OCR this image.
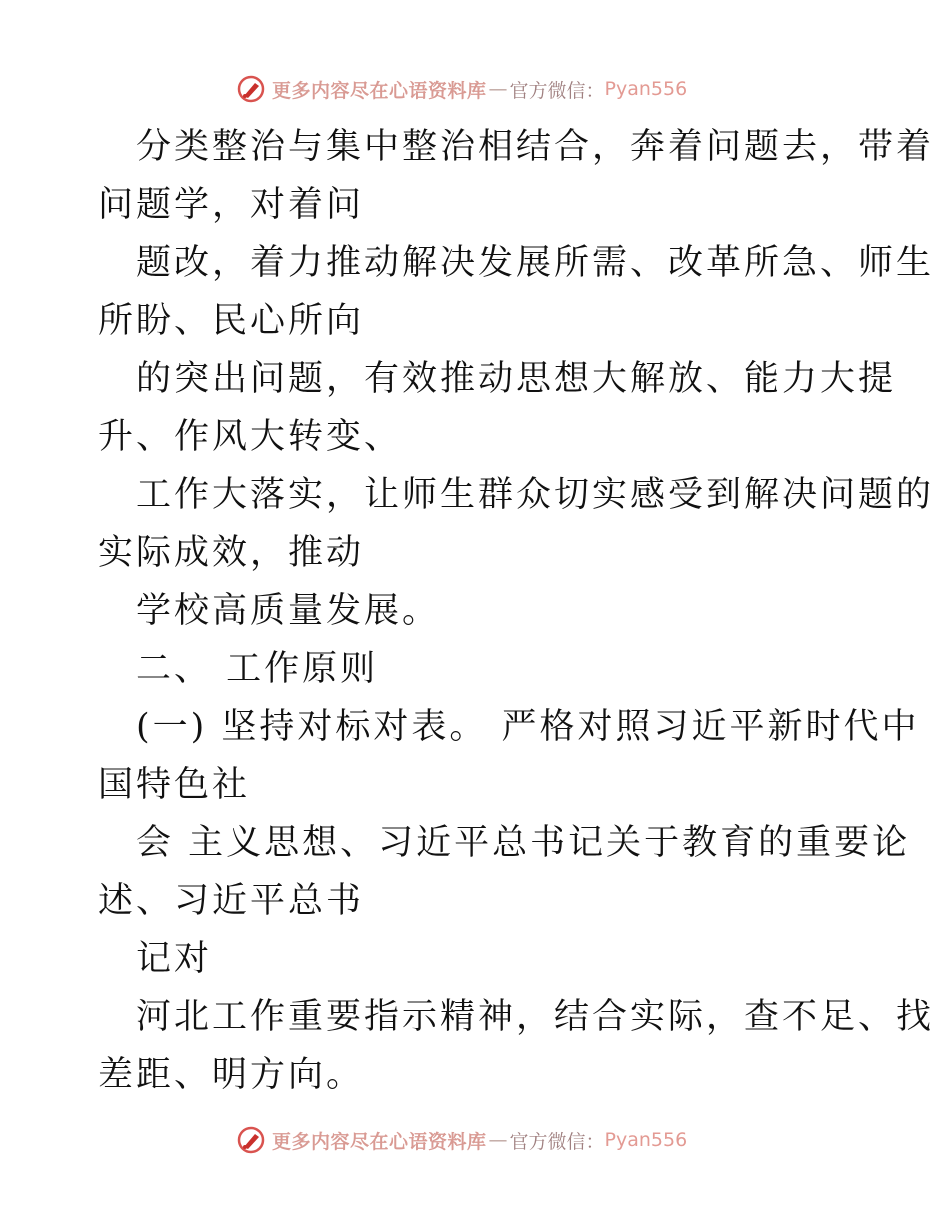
更多内容尽在心语资料库 — 官方微信： Pyan556
分类整治与集中整治相结合，奔着问题去，带着
问题学，对着问
题改，着力推动解决发展所需、改革所急、师生
所盼、民心所向
的突出问题，有效推动思想大解放、能力大提
升、作风大转变、
工作大落实，让师生群众切实感受到解决问题的
实际成效，推动
学校高质量发展。
二、 工作原则
(一) 坚持对标对表。 严格对照习近平新时代中
国特色社
会 主义思想、习近平总书记关于教育的重要论
述、习近平总书
记对
河北工作重要指示精神，结合实际，查不足、找
差距、明方向。
更多内容尽在心语资料库 — 官方微信： Pyan556
